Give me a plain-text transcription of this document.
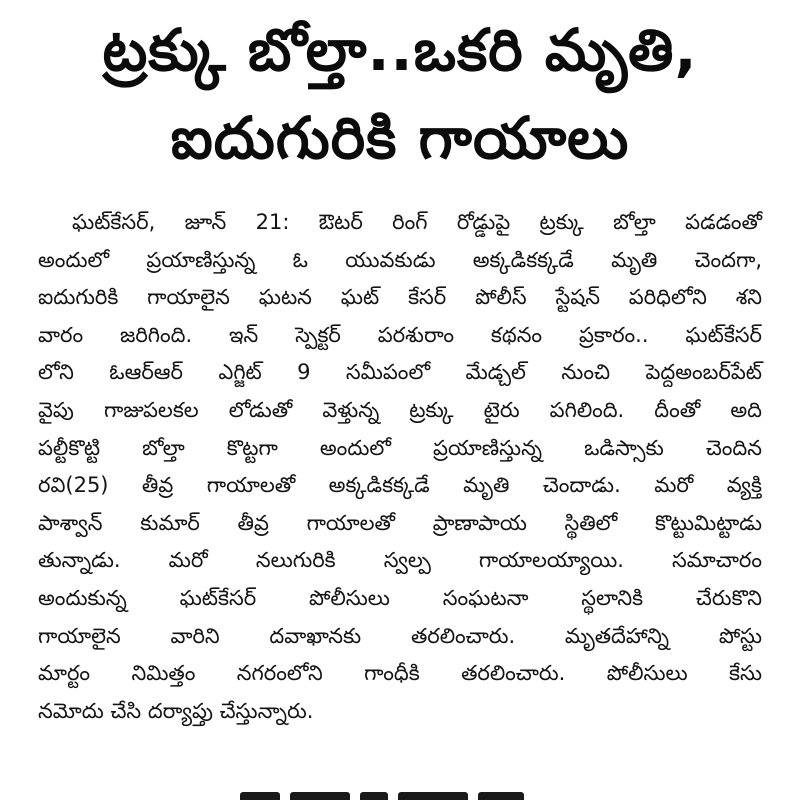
ట్రక్కు బోల్తా..ఒకరి మృతి,
ఐదుగురికి గాయాలు
ఘట్‌కేసర్, జూన్ 21: ఔటర్ రింగ్ రోడ్డుపై ట్రక్కు బోల్తా పడడంతో
అందులో ప్రయాణిస్తున్న ఓ యువకుడు అక్కడికక్కడే మృతి చెందగా,
ఐదుగురికి గాయాలైన ఘటన ఘట్ కేసర్ పోలీస్ స్టేషన్ పరిధిలోని శని
వారం జరిగింది. ఇన్ స్పెక్టర్ పరశురాం కథనం ప్రకారం.. ఘట్‌కేసర్
లోని ఓఆర్ఆర్ ఎగ్జిట్ 9 సమీపంలో మేడ్చల్ నుంచి పెద్దఅంబర్‌పేట్
వైపు గాజుపలకల లోడుతో వెళ్తున్న ట్రక్కు టైరు పగిలింది. దీంతో అది
పల్టీకొట్టి బోల్తా కొట్టగా అందులో ప్రయాణిస్తున్న ఒడిస్సాకు చెందిన
రవి(25) తీవ్ర గాయాలతో అక్కడికక్కడే మృతి చెందాడు. మరో వ్యక్తి
పాశ్వాన్ కుమార్ తీవ్ర గాయాలతో ప్రాణాపాయ స్థితిలో కొట్టుమిట్టాడు
తున్నాడు. మరో నలుగురికి స్వల్ప గాయాలయ్యాయి. సమాచారం
అందుకున్న ఘట్‌కేసర్ పోలీసులు సంఘటనా స్థలానికి చేరుకొని
గాయాలైన వారిని దవాఖానకు తరలించారు. మృతదేహాన్ని పోస్టు
మార్టం నిమిత్తం నగరంలోని గాంధీకి తరలించారు. పోలీసులు కేసు
నమోదు చేసి దర్యాప్తు చేస్తున్నారు.
